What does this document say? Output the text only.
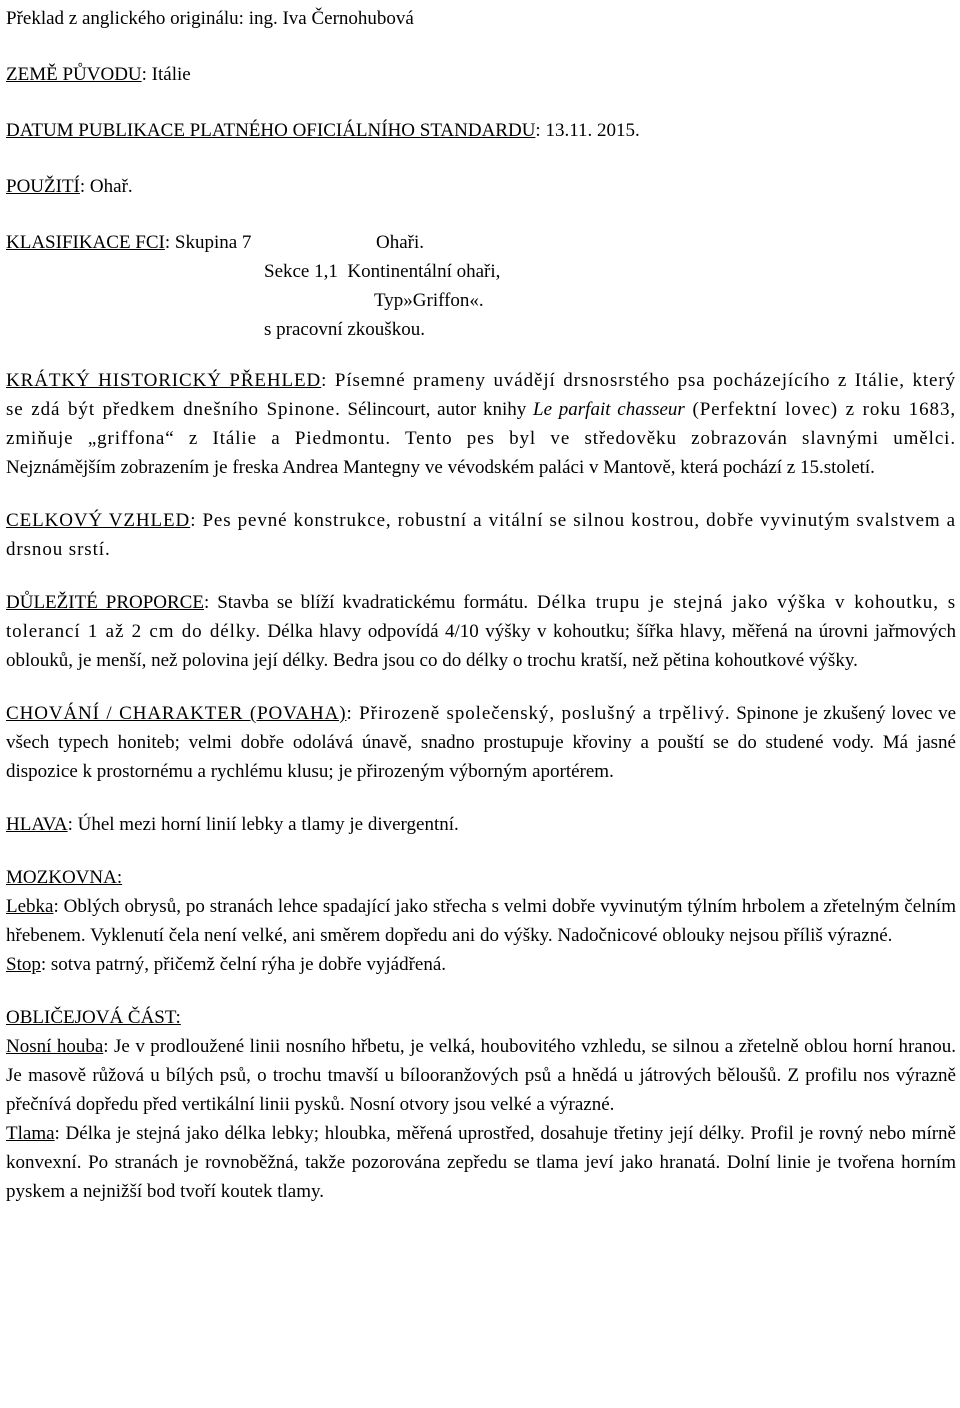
Překlad z anglického originálu: ing. Iva Černohubová

ZEMĚ PŮVODU: Itálie

DATUM PUBLIKACE PLATNÉHO OFICIÁLNÍHO STANDARDU: 13.11. 2015.

POUŽITÍ: Ohař.

KLASIFIKACE FCI: Skupina 7	Ohaři.
Sekce 1,1 Kontinentální ohaři,
Typ»Griffon«.
s pracovní zkouškou.

KRÁTKÝ HISTORICKÝ PŘEHLED: Písemné prameny uvádějí drsnosrstého psa pocházejícího z Itálie, který se zdá být předkem dnešního Spinone. Sélincourt, autor knihy Le parfait chasseur (Perfektní lovec) z roku 1683, zmiňuje „griffona“ z Itálie a Piedmontu. Tento pes byl ve středověku zobrazován slavnými umělci. Nejznámějším zobrazením je freska Andrea Mantegny ve vévodském paláci v Mantově, která pochází z 15.století.

CELKOVÝ VZHLED: Pes pevné konstrukce, robustní a vitální se silnou kostrou, dobře vyvinutým svalstvem a drsnou srstí.

DŮLEŽITÉ PROPORCE: Stavba se blíží kvadratickému formátu. Délka trupu je stejná jako výška v kohoutku, s tolerancí 1 až 2 cm do délky. Délka hlavy odpovídá 4/10 výšky v kohoutku; šířka hlavy, měřená na úrovni jařmových oblouků, je menší, než polovina její délky. Bedra jsou co do délky o trochu kratší, než pětina kohoutkové výšky.

CHOVÁNÍ / CHARAKTER (POVAHA): Přirozeně společenský, poslušný a trpělivý. Spinone je zkušený lovec ve všech typech honiteb; velmi dobře odolává únavě, snadno prostupuje křoviny a pouští se do studené vody. Má jasné dispozice k prostornému a rychlému klusu; je přirozeným výborným aportérem.

HLAVA: Úhel mezi horní linií lebky a tlamy je divergentní.

MOZKOVNA:

Lebka: Oblých obrysů, po stranách lehce spadající jako střecha s velmi dobře vyvinutým týlním hrbolem a zřetelným čelním hřebenem. Vyklenutí čela není velké, ani směrem dopředu ani do výšky. Nadočnicové oblouky nejsou příliš výrazné.

Stop: sotva patrný, přičemž čelní rýha je dobře vyjádřená.

OBLIČEJOVÁ ČÁST:

Nosní houba: Je v prodloužené linii nosního hřbetu, je velká, houbovitého vzhledu, se silnou a zřetelně oblou horní hranou. Je masově růžová u bílých psů, o trochu tmavší u bílooranžových psů a hnědá u játrových běloušů. Z profilu nos výrazně přečnívá dopředu před vertikální linii pysků. Nosní otvory jsou velké a výrazné.

Tlama: Délka je stejná jako délka lebky; hloubka, měřená uprostřed, dosahuje třetiny její délky. Profil je rovný nebo mírně konvexní. Po stranách je rovnoběžná, takže pozorována zepředu se tlama jeví jako hranatá. Dolní linie je tvořena horním pyskem a nejnižší bod tvoří koutek tlamy.
